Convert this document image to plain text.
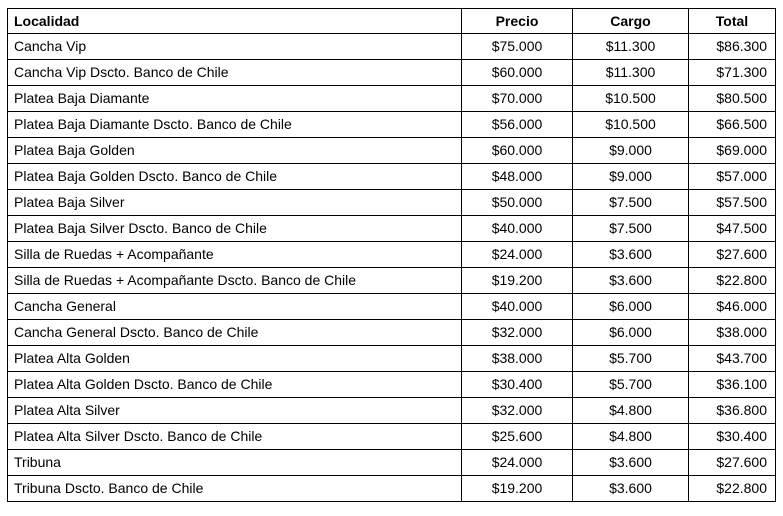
Localidad	Precio	Cargo	Total
Cancha Vip	$75.000	$11.300	$86.300
Cancha Vip Dscto. Banco de Chile	$60.000	$11.300	$71.300
Platea Baja Diamante	$70.000	$10.500	$80.500
Platea Baja Diamante Dscto. Banco de Chile	$56.000	$10.500	$66.500
Platea Baja Golden	$60.000	$9.000	$69.000
Platea Baja Golden Dscto. Banco de Chile	$48.000	$9.000	$57.000
Platea Baja Silver	$50.000	$7.500	$57.500
Platea Baja Silver Dscto. Banco de Chile	$40.000	$7.500	$47.500
Silla de Ruedas + Acompañante	$24.000	$3.600	$27.600
Silla de Ruedas + Acompañante Dscto. Banco de Chile	$19.200	$3.600	$22.800
Cancha General	$40.000	$6.000	$46.000
Cancha General Dscto. Banco de Chile	$32.000	$6.000	$38.000
Platea Alta Golden	$38.000	$5.700	$43.700
Platea Alta Golden Dscto. Banco de Chile	$30.400	$5.700	$36.100
Platea Alta Silver	$32.000	$4.800	$36.800
Platea Alta Silver Dscto. Banco de Chile	$25.600	$4.800	$30.400
Tribuna	$24.000	$3.600	$27.600
Tribuna Dscto. Banco de Chile	$19.200	$3.600	$22.800
